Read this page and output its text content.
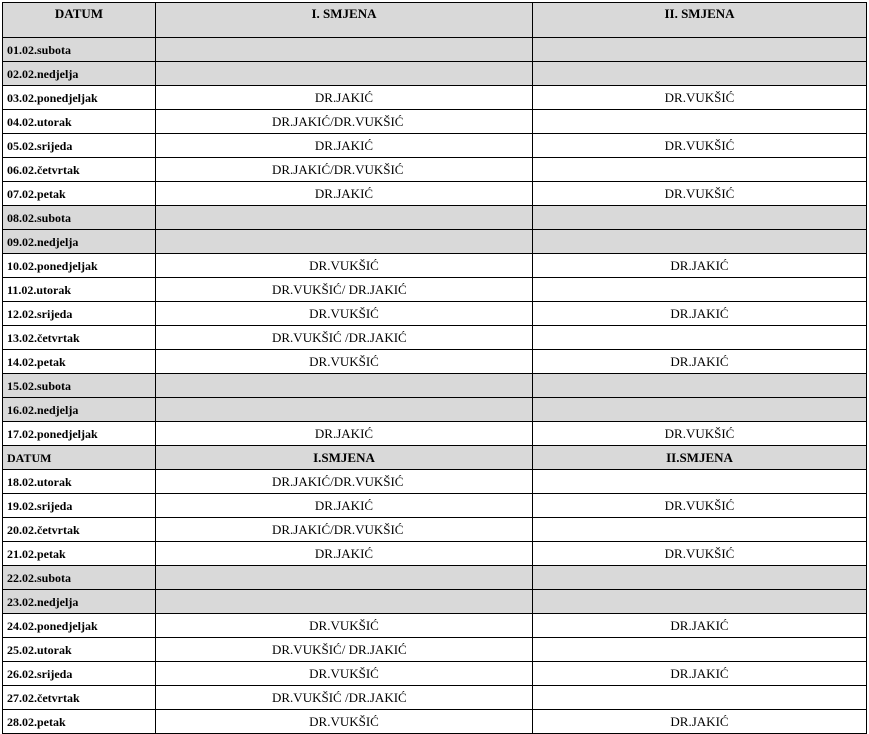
DATUM	I. SMJENA	II. SMJENA
01.02.subota		
02.02.nedjelja		
03.02.ponedjeljak	DR.JAKIĆ	DR.VUKŠIĆ
04.02.utorak	DR.JAKIĆ/DR.VUKŠIĆ	
05.02.srijeda	DR.JAKIĆ	DR.VUKŠIĆ
06.02.četvrtak	DR.JAKIĆ/DR.VUKŠIĆ	
07.02.petak	DR.JAKIĆ	DR.VUKŠIĆ
08.02.subota		
09.02.nedjelja		
10.02.ponedjeljak	DR.VUKŠIĆ	DR.JAKIĆ
11.02.utorak	DR.VUKŠIĆ/ DR.JAKIĆ	
12.02.srijeda	DR.VUKŠIĆ	DR.JAKIĆ
13.02.četvrtak	DR.VUKŠIĆ /DR.JAKIĆ	
14.02.petak	DR.VUKŠIĆ	DR.JAKIĆ
15.02.subota		
16.02.nedjelja		
17.02.ponedjeljak	DR.JAKIĆ	DR.VUKŠIĆ
DATUM	I.SMJENA	II.SMJENA
18.02.utorak	DR.JAKIĆ/DR.VUKŠIĆ	
19.02.srijeda	DR.JAKIĆ	DR.VUKŠIĆ
20.02.četvrtak	DR.JAKIĆ/DR.VUKŠIĆ	
21.02.petak	DR.JAKIĆ	DR.VUKŠIĆ
22.02.subota		
23.02.nedjelja		
24.02.ponedjeljak	DR.VUKŠIĆ	DR.JAKIĆ
25.02.utorak	DR.VUKŠIĆ/ DR.JAKIĆ	
26.02.srijeda	DR.VUKŠIĆ	DR.JAKIĆ
27.02.četvrtak	DR.VUKŠIĆ /DR.JAKIĆ	
28.02.petak	DR.VUKŠIĆ	DR.JAKIĆ
